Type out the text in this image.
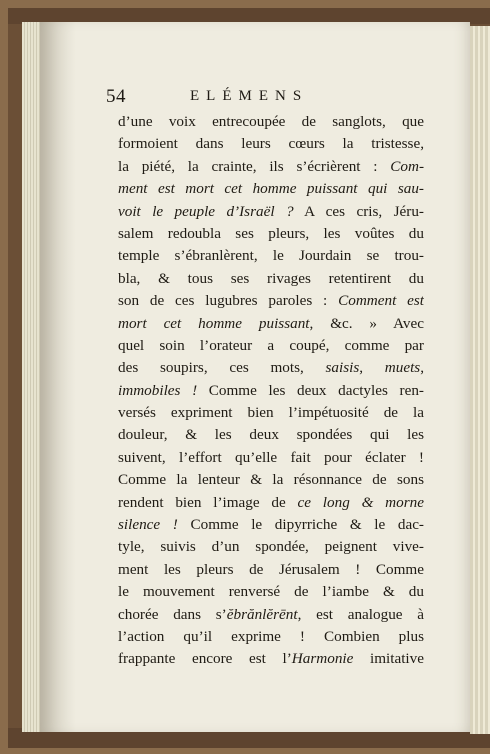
54	ELÉMENS
d’une voix entrecoupée de sanglots, que
formoient dans leurs cœurs la tristesse,
la piété, la crainte, ils s’écrièrent : Com-
ment est mort cet homme puissant qui sau-
voit le peuple d’Israël ? A ces cris, Jéru-
salem redoubla ses pleurs, les voûtes du
temple s’ébranlèrent, le Jourdain se trou-
bla, & tous ses rivages retentirent du
son de ces lugubres paroles : Comment est
mort cet homme puissant, &c. » Avec
quel soin l’orateur a coupé, comme par
des soupirs, ces mots, saisis, muets,
immobiles ! Comme les deux dactyles ren-
versés expriment bien l’impétuosité de la
douleur, & les deux spondées qui les
suivent, l’effort qu’elle fait pour éclater !
Comme la lenteur & la résonnance de sons
rendent bien l’image de ce long & morne
silence ! Comme le dipyrriche & le dac-
tyle, suivis d’un spondée, peignent vive-
ment les pleurs de Jérusalem ! Comme
le mouvement renversé de l’iambe & du
chorée dans s’ĕbrănlĕrēnt, est analogue à
l’action qu’il exprime ! Combien plus
frappante encore est l’Harmonie imitative
